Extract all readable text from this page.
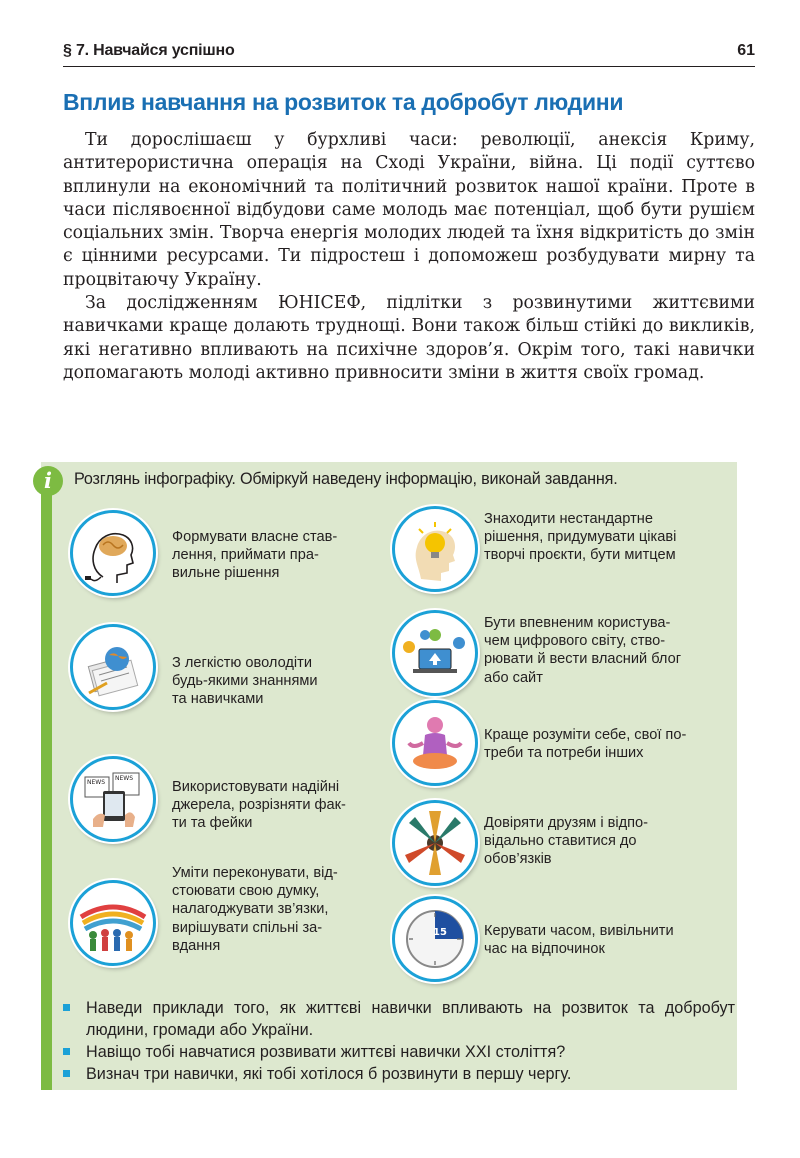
§ 7. Навчайся успішно	61
Вплив навчання на розвиток та добробут людини

Ти дорослішаєш у бурхливі часи: революції, анексія Криму, антитерористична операція на Сході України, війна. Ці події суттєво вплинули на економічний та політичний розвиток нашої країни. Проте в часи післявоєнної відбудови саме молодь має потенціал, щоб бути рушієм соціальних змін. Творча енергія молодих людей та їхня відкритість до змін є цінними ресурсами. Ти підростеш і допоможеш розбудувати мирну та процвітаючу Україну.

За дослідженням ЮНІСЕФ, підлітки з розвинутими життєвими навичками краще долають труднощі. Вони також більш стійкі до викликів, які негативно впливають на психічне здоров’я. Окрім того, такі навички допомагають молоді активно привносити зміни в життя своїх громад.

i	Розглянь інфографіку. Обміркуй наведену інформацію, виконай завдання.
Формувати власне став-
лення, приймати пра-
вильне рішення
З легкістю оволодіти
будь-якими знаннями
та навичками
NEWS
NEWS
Використовувати надійні
джерела, розрізняти фак-
ти та фейки
Уміти переконувати, від-
стоювати свою думку,
налагоджувати зв’язки,
вирішувати спільні за-
вдання
Знаходити нестандартне
рішення, придумувати цікаві
творчі проєкти, бути митцем
Бути впевненим користува-
чем цифрового світу, ство-
рювати й вести власний блог
або сайт
Краще розуміти себе, свої по-
треби та потреби інших
Довіряти друзям і відпо-
відально ставитися до
обов’язків
15	Керувати часом, вивільнити
час на відпочинок

Наведи приклади того, як життєві навички впливають на розвиток та добробут людини, громади або України.

Навіщо тобі навчатися розвивати життєві навички XXI століття?

Визнач три навички, які тобі хотілося б розвинути в першу чергу.
